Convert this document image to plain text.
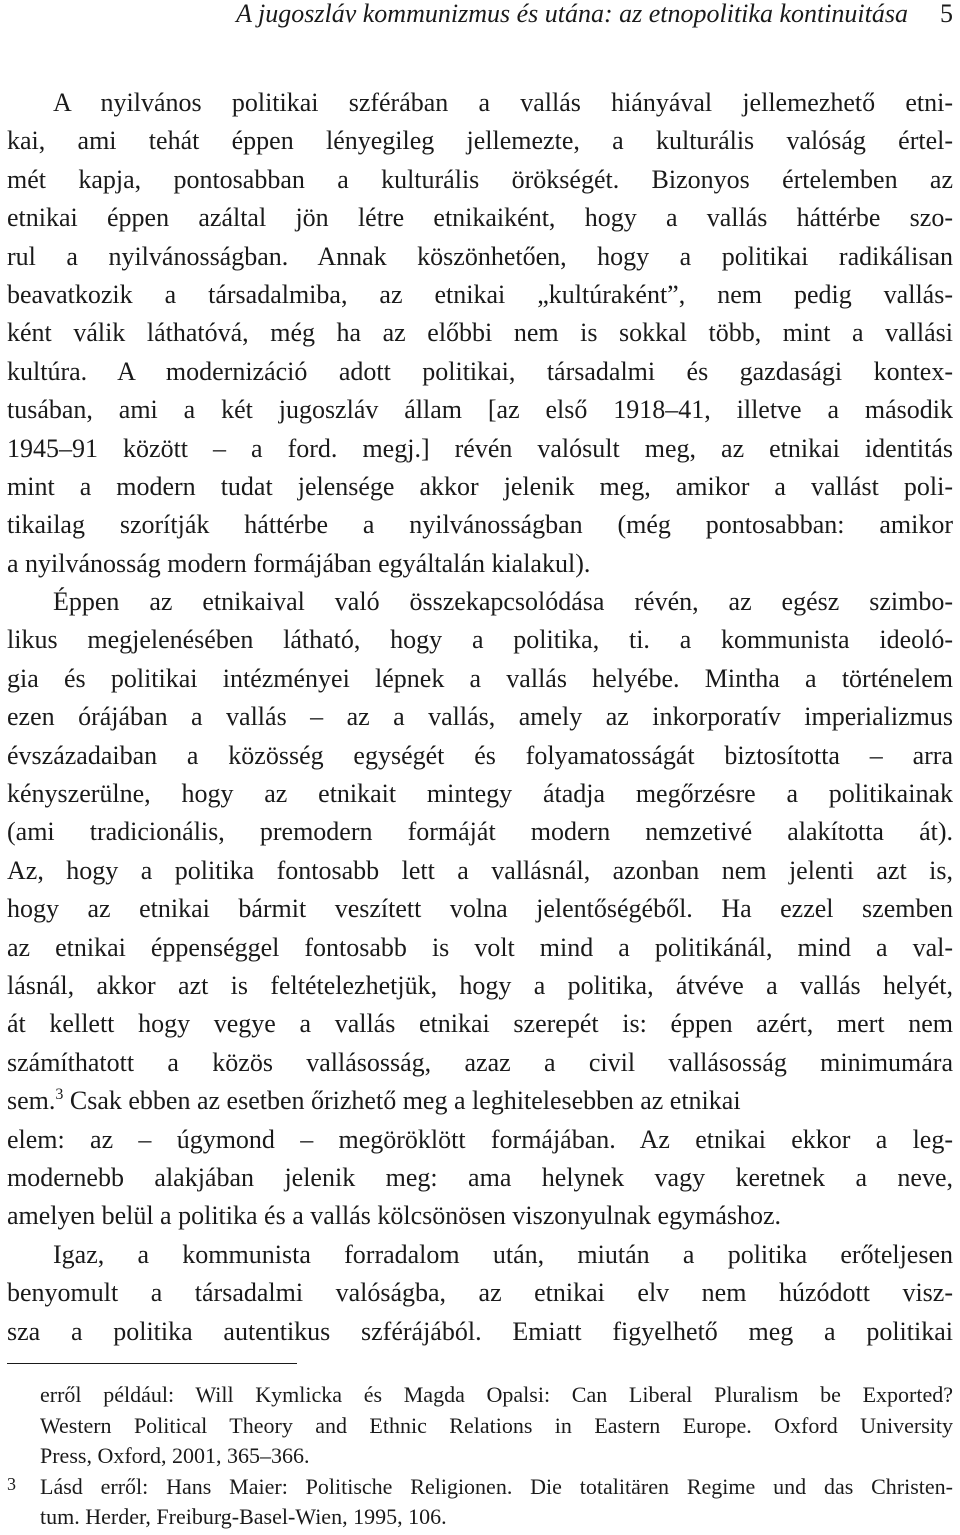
A jugoszláv kommunizmus és utána: az etnopolitika kontinuitása 5
A nyilvános politikai szférában a vallás hiányával jellemezhető etni-
kai, ami tehát éppen lényegileg jellemezte, a kulturális valóság értel-
mét kapja, pontosabban a kulturális örökségét. Bizonyos értelemben az
etnikai éppen azáltal jön létre etnikaiként, hogy a vallás háttérbe szo-
rul a nyilvánosságban. Annak köszönhetően, hogy a politikai radikálisan
beavatkozik a társadalmiba, az etnikai „kultúraként”, nem pedig vallás-
ként válik láthatóvá, még ha az előbbi nem is sokkal több, mint a vallási
kultúra. A modernizáció adott politikai, társadalmi és gazdasági kontex-
tusában, ami a két jugoszláv állam [az első 1918–41, illetve a második
1945–91 között – a ford. megj.] révén valósult meg, az etnikai identitás
mint a modern tudat jelensége akkor jelenik meg, amikor a vallást poli-
tikailag szorítják háttérbe a nyilvánosságban (még pontosabban: amikor
a nyilvánosság modern formájában egyáltalán kialakul).
Éppen az etnikaival való összekapcsolódása révén, az egész szimbo-
likus megjelenésében látható, hogy a politika, ti. a kommunista ideoló-
gia és politikai intézményei lépnek a vallás helyébe. Mintha a történelem
ezen órájában a vallás – az a vallás, amely az inkorporatív imperializmus
évszázadaiban a közösség egységét és folyamatosságát biztosította – arra
kényszerülne, hogy az etnikait mintegy átadja megőrzésre a politikainak
(ami tradicionális, premodern formáját modern nemzetivé alakította át).
Az, hogy a politika fontosabb lett a vallásnál, azonban nem jelenti azt is,
hogy az etnikai bármit veszített volna jelentőségéből. Ha ezzel szemben
az etnikai éppenséggel fontosabb is volt mind a politikánál, mind a val-
lásnál, akkor azt is feltételezhetjük, hogy a politika, átvéve a vallás helyét,
át kellett hogy vegye a vallás etnikai szerepét is: éppen azért, mert nem
számíthatott a közös vallásosság, azaz a civil vallásosság minimumára
sem.$^3$ Csak ebben az esetben őrizhető meg a leghitelesebben az etnikai
elem: az – úgymond – megöröklött formájában. Az etnikai ekkor a leg-
modernebb alakjában jelenik meg: ama helynek vagy keretnek a neve,
amelyen belül a politika és a vallás kölcsönösen viszonyulnak egymáshoz.
Igaz, a kommunista forradalom után, miután a politika erőteljesen
benyomult a társadalmi valóságba, az etnikai elv nem húzódott visz-
sza a politika autentikus szférájából. Emiatt figyelhető meg a politikai
erről például: Will Kymlicka és Magda Opalsi: Can Liberal Pluralism be Exported?
Western Political Theory and Ethnic Relations in Eastern Europe. Oxford University
Press, Oxford, 2001, 365–366.
3 Lásd erről: Hans Maier: Politische Religionen. Die totalitären Regime und das Christen-
tum. Herder, Freiburg-Basel-Wien, 1995, 106.
